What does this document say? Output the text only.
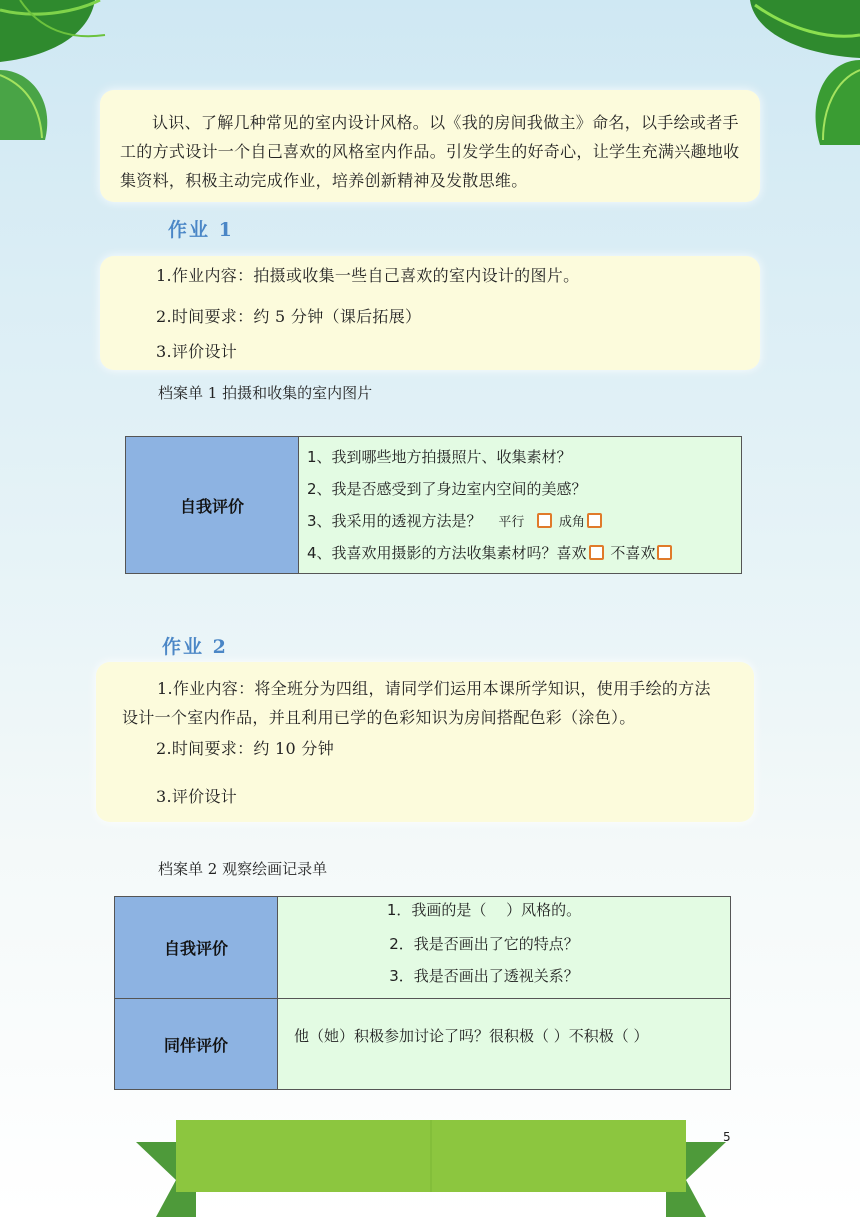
认识、了解几种常见的室内设计风格。以《我的房间我做主》命名，以手绘或者手工的方式设计一个自己喜欢的风格室内作品。引发学生的好奇心，让学生充满兴趣地收集资料，积极主动完成作业，培养创新精神及发散思维。
作业 1
1.作业内容：拍摄或收集一些自己喜欢的室内设计的图片。
2.时间要求：约 5 分钟（课后拓展）
3.评价设计
档案单 1 拍摄和收集的室内图片
自我评价	
1、我到哪些地方拍摄照片、收集素材？
2、我是否感受到了身边室内空间的美感？
3、我采用的透视方法是？ 平行	成角
4、我喜欢用摄影的方法收集素材吗？喜欢 不喜欢
作业 2
1.作业内容：将全班分为四组，请同学们运用本课所学知识，使用手绘的方法设计一个室内作品，并且利用已学的色彩知识为房间搭配色彩（涂色）。
2.时间要求：约 10 分钟
3.评价设计
档案单 2 观察绘画记录单
自我评价	1．我画的是（　 ）风格的。
2．我是否画出了它的特点？
3．我是否画出了透视关系？

同伴评价	他（她）积极参加讨论了吗？很积极（ ）不积极（ ）
5
